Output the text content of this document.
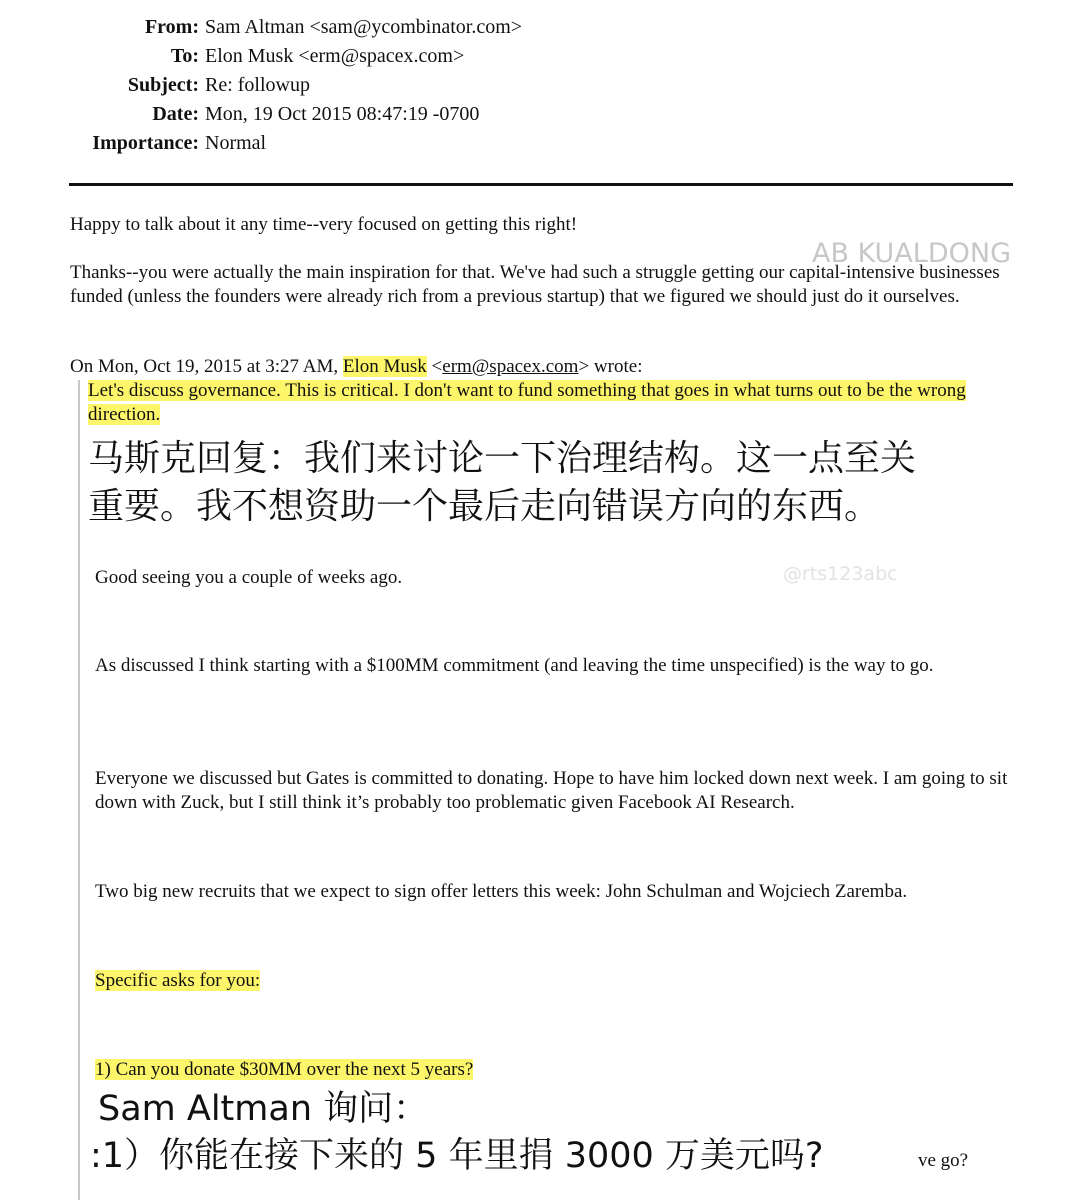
From: Sam Altman <sam@ycombinator.com>
To: Elon Musk <erm@spacex.com>
Subject: Re: followup
Date: Mon, 19 Oct 2015 08:47:19 -0700
Importance: Normal
Happy to talk about it any time--very focused on getting this right!
Thanks--you were actually the main inspiration for that. We've had such a struggle getting our capital-intensive businesses funded (unless the founders were already rich from a previous startup) that we figured we should just do it ourselves.
AB KUALDONG
On Mon, Oct 19, 2015 at 3:27 AM, Elon Musk <erm@spacex.com> wrote:
Let's discuss governance. This is critical. I don't want to fund something that goes in what turns out to be the wrong direction.
马斯克回复：我们来讨论一下治理结构。这一点至关
重要。我不想资助一个最后走向错误方向的东西。
Good seeing you a couple of weeks ago.	@rts123abc
As discussed I think starting with a $100MM commitment (and leaving the time unspecified) is the way to go.
Everyone we discussed but Gates is committed to donating. Hope to have him locked down next week. I am going to sit down with Zuck, but I still think it’s probably too problematic given Facebook AI Research.
Two big new recruits that we expect to sign offer letters this week: John Schulman and Wojciech Zaremba.
Specific asks for you:
1) Can you donate $30MM over the next 5 years?
Sam Altman 询问：
:1）你能在接下来的 5 年里捐 3000 万美元吗?	ve go?
